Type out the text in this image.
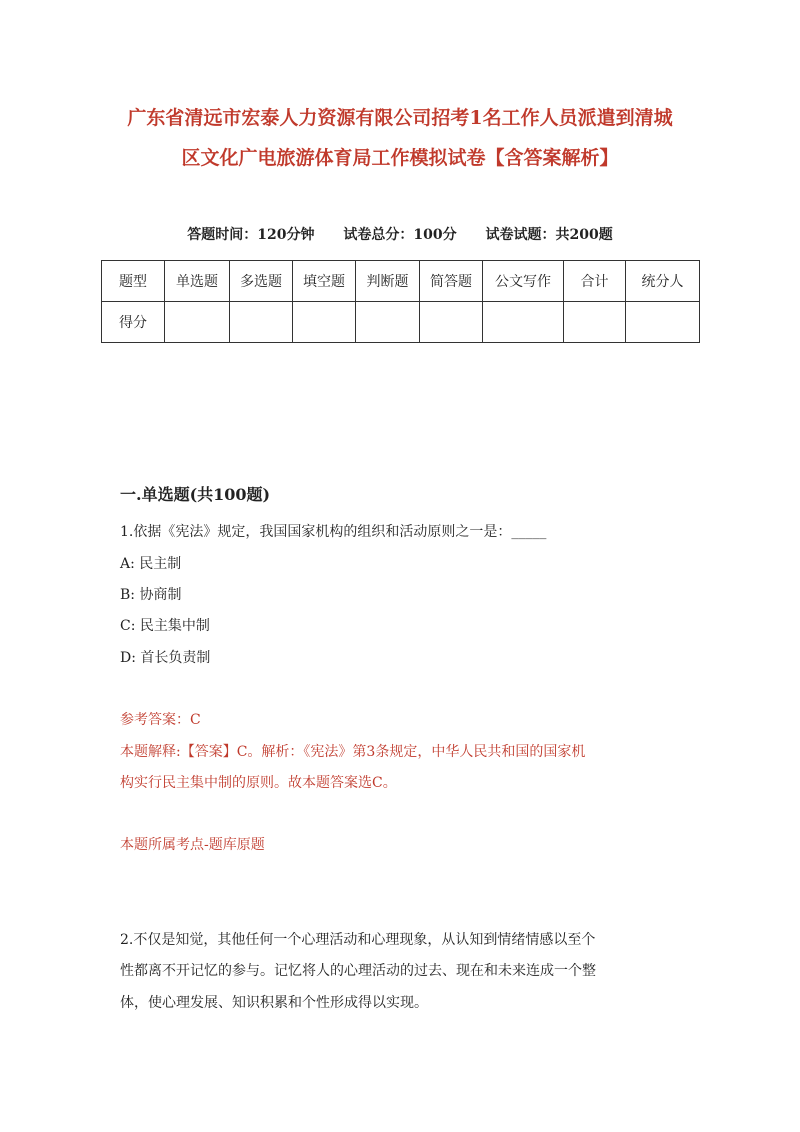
广东省清远市宏泰人力资源有限公司招考1名工作人员派遣到清城
区文化广电旅游体育局工作模拟试卷【含答案解析】
答题时间：120分钟 试卷总分：100分 试卷试题：共200题
题型	单选题	多选题	填空题	判断题	简答题	公文写作	合计	统分人
得分								
一.单选题(共100题)
1.依据《宪法》规定，我国国家机构的组织和活动原则之一是：_____
A: 民主制
B: 协商制
C: 民主集中制
D: 首长负责制
参考答案：C
本题解释:【答案】C。解析：《宪法》第3条规定，中华人民共和国的国家机
构实行民主集中制的原则。故本题答案选C。
本题所属考点-题库原题
2.不仅是知觉，其他任何一个心理活动和心理现象，从认知到情绪情感以至个
性都离不开记忆的参与。记忆将人的心理活动的过去、现在和未来连成一个整
体，使心理发展、知识积累和个性形成得以实现。
